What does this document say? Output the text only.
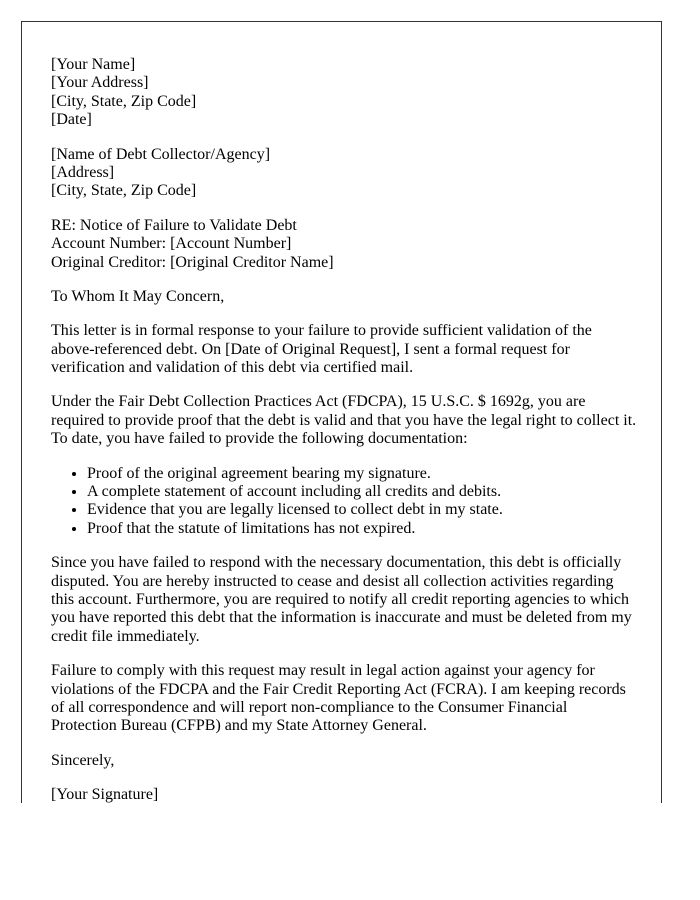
[Your Name]
[Your Address]
[City, State, Zip Code]
[Date]

[Name of Debt Collector/Agency]
[Address]
[City, State, Zip Code]

RE: Notice of Failure to Validate Debt
Account Number: [Account Number]
Original Creditor: [Original Creditor Name]

To Whom It May Concern,

This letter is in formal response to your failure to provide sufficient validation of the above-referenced debt. On [Date of Original Request], I sent a formal request for verification and validation of this debt via certified mail.

Under the Fair Debt Collection Practices Act (FDCPA), 15 U.S.C. $ 1692g, you are required to provide proof that the debt is valid and that you have the legal right to collect it. To date, you have failed to provide the following documentation:

• Proof of the original agreement bearing my signature.
• A complete statement of account including all credits and debits.
• Evidence that you are legally licensed to collect debt in my state.
• Proof that the statute of limitations has not expired.

Since you have failed to respond with the necessary documentation, this debt is officially disputed. You are hereby instructed to cease and desist all collection activities regarding this account. Furthermore, you are required to notify all credit reporting agencies to which you have reported this debt that the information is inaccurate and must be deleted from my credit file immediately.

Failure to comply with this request may result in legal action against your agency for violations of the FDCPA and the Fair Credit Reporting Act (FCRA). I am keeping records of all correspondence and will report non-compliance to the Consumer Financial Protection Bureau (CFPB) and my State Attorney General.

Sincerely,

[Your Signature]
